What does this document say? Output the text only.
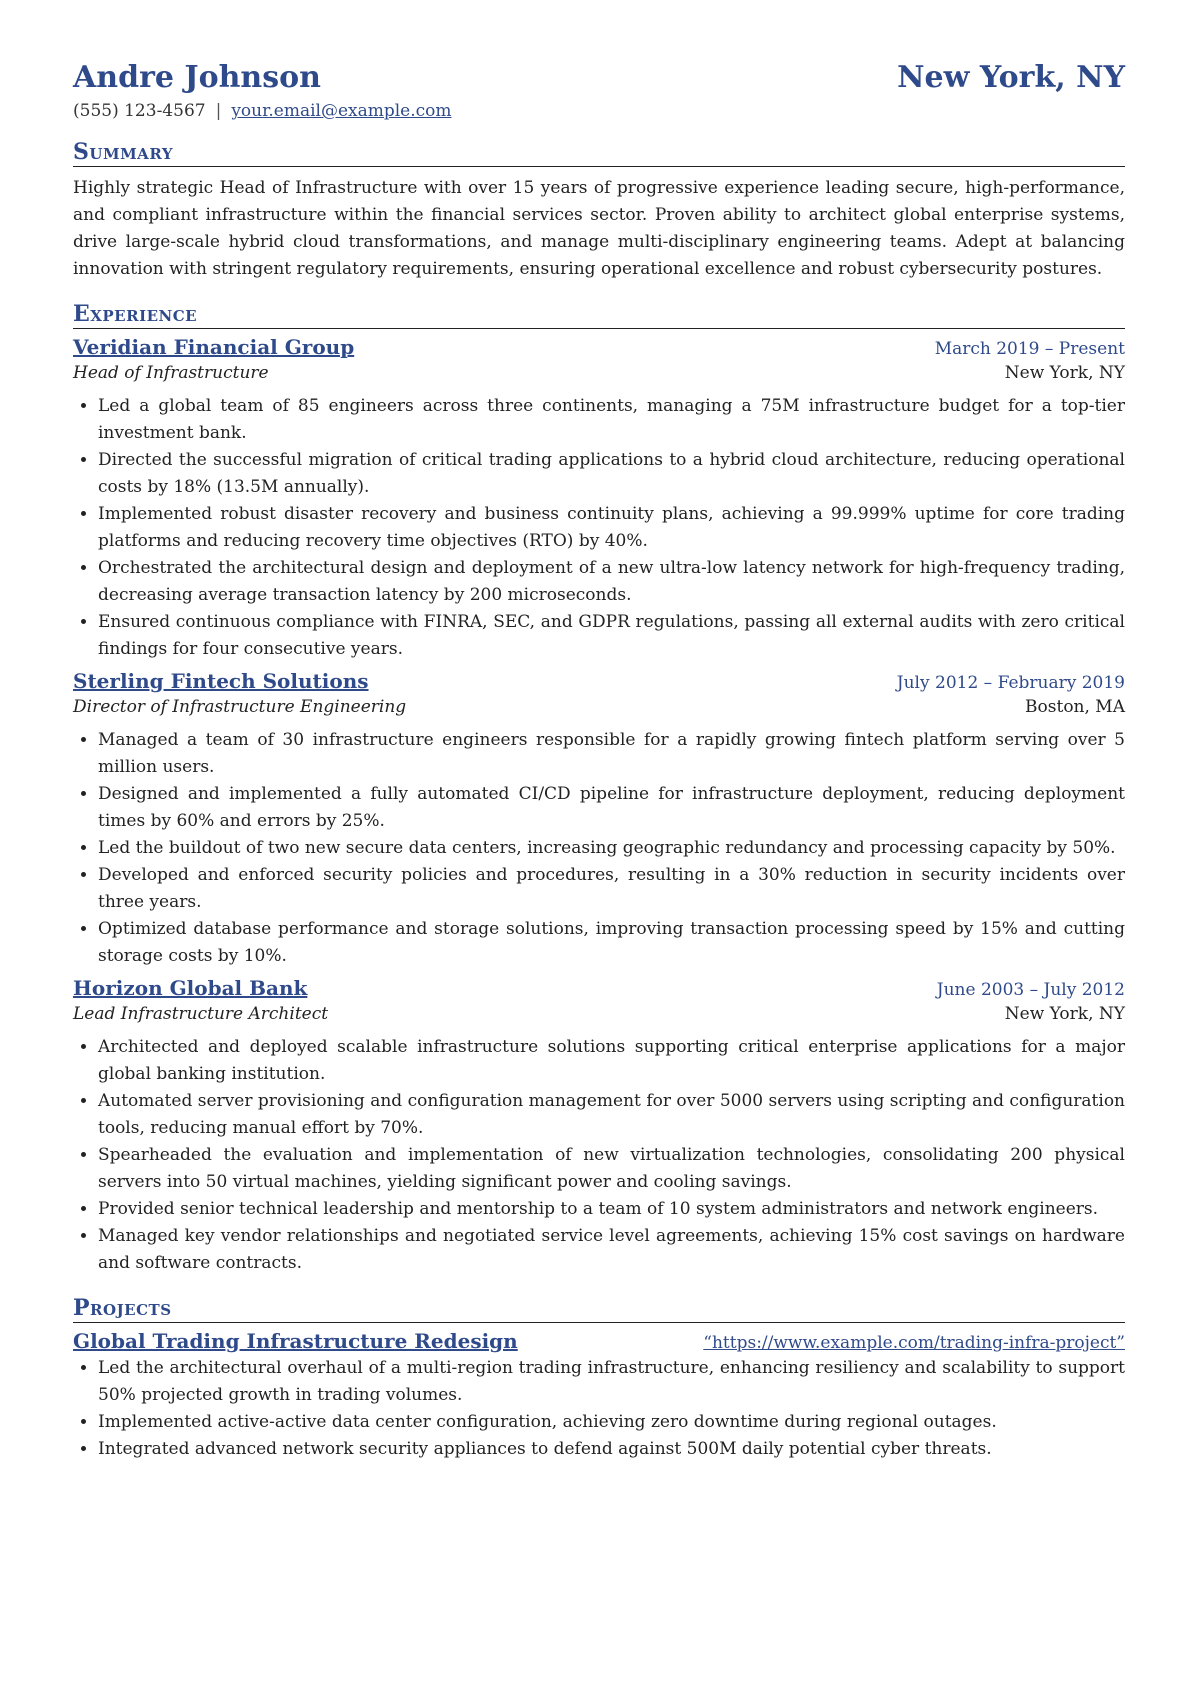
Andre Johnson	New York, NY
(555) 123-4567 | your.email@example.com
Summary
Highly strategic Head of Infrastructure with over 15 years of progressive experience leading secure, high-performance, and compliant infrastructure within the financial services sector. Proven ability to architect global enterprise systems, drive large-scale hybrid cloud transformations, and manage multi-disciplinary engineering teams. Adept at balancing innovation with stringent regulatory requirements, ensuring operational excellence and robust cybersecurity postures.
Experience
Veridian Financial Group	March 2019 – Present
Head of Infrastructure	New York, NY
• Led a global team of 85 engineers across three continents, managing a 75M infrastructure budget for a top-tier investment bank.
• Directed the successful migration of critical trading applications to a hybrid cloud architecture, reducing operational costs by 18% (13.5M annually).
• Implemented robust disaster recovery and business continuity plans, achieving a 99.999% uptime for core trading platforms and reducing recovery time objectives (RTO) by 40%.
• Orchestrated the architectural design and deployment of a new ultra-low latency network for high-frequency trading, decreasing average transaction latency by 200 microseconds.
• Ensured continuous compliance with FINRA, SEC, and GDPR regulations, passing all external audits with zero critical findings for four consecutive years.
Sterling Fintech Solutions	July 2012 – February 2019
Director of Infrastructure Engineering	Boston, MA
• Managed a team of 30 infrastructure engineers responsible for a rapidly growing fintech platform serving over 5 million users.
• Designed and implemented a fully automated CI/CD pipeline for infrastructure deployment, reducing deployment times by 60% and errors by 25%.
• Led the buildout of two new secure data centers, increasing geographic redundancy and processing capacity by 50%.
• Developed and enforced security policies and procedures, resulting in a 30% reduction in security incidents over three years.
• Optimized database performance and storage solutions, improving transaction processing speed by 15% and cutting storage costs by 10%.
Horizon Global Bank	June 2003 – July 2012
Lead Infrastructure Architect	New York, NY
• Architected and deployed scalable infrastructure solutions supporting critical enterprise applications for a major global banking institution.
• Automated server provisioning and configuration management for over 5000 servers using scripting and configuration tools, reducing manual effort by 70%.
• Spearheaded the evaluation and implementation of new virtualization technologies, consolidating 200 physical servers into 50 virtual machines, yielding significant power and cooling savings.
• Provided senior technical leadership and mentorship to a team of 10 system administrators and network engineers.
• Managed key vendor relationships and negotiated service level agreements, achieving 15% cost savings on hardware and software contracts.
Projects
Global Trading Infrastructure Redesign	“https://www.example.com/trading-infra-project”
• Led the architectural overhaul of a multi-region trading infrastructure, enhancing resiliency and scalability to support 50% projected growth in trading volumes.
• Implemented active-active data center configuration, achieving zero downtime during regional outages.
• Integrated advanced network security appliances to defend against 500M daily potential cyber threats.
